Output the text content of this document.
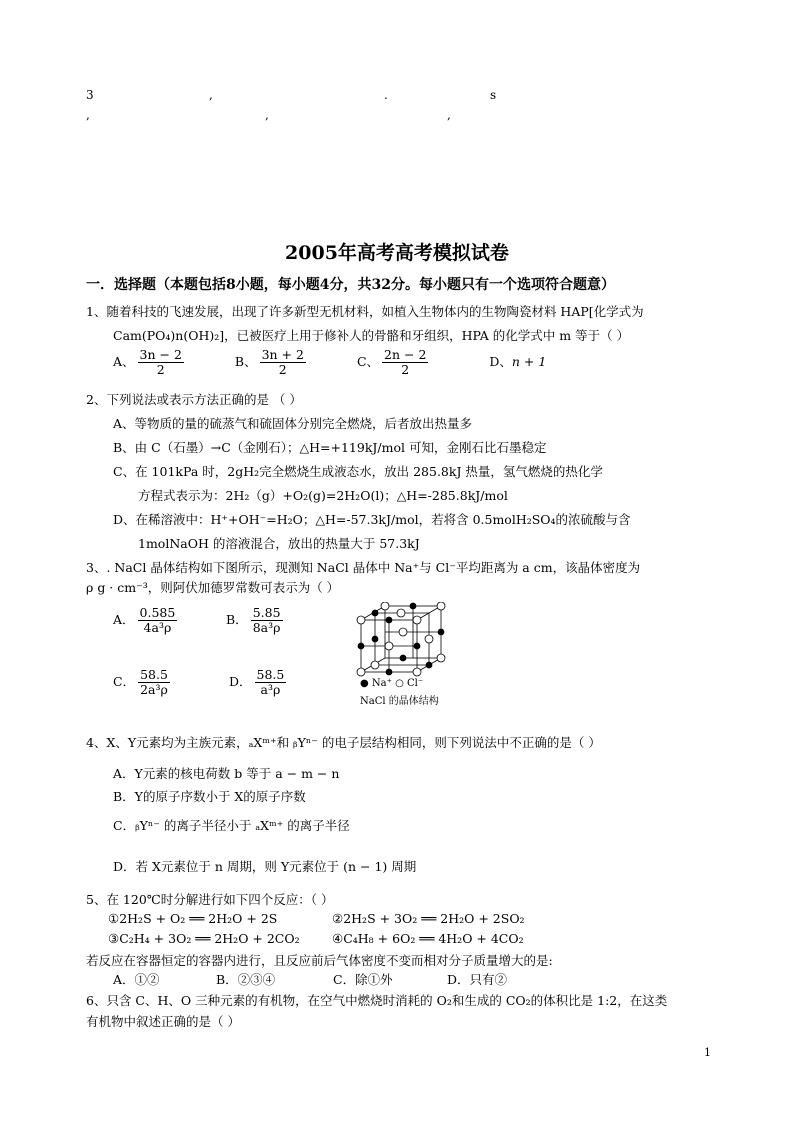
3	,	.	s
,	,	,
2005年高考高考模拟试卷
一．选择题（本题包括8小题，每小题4分，共32分。每小题只有一个选项符合题意）
1、随着科技的飞速发展，出现了许多新型无机材料，如植入生物体内的生物陶瓷材料 HAP[化学式为
Cam(PO₄)n(OH)₂]，已被医疗上用于修补人的骨骼和牙组织，HPA 的化学式中 m 等于（ ）
A、 $\frac{3n - 2}{2}$	B、 $\frac{3n + 2}{2}$	C、 $\frac{2n - 2}{2}$	D、n + 1
2、下列说法或表示方法正确的是 （ ）
A、等物质的量的硫蒸气和硫固体分别完全燃烧，后者放出热量多
B、由 C（石墨）→C（金刚石）；△H=+119kJ/mol 可知，金刚石比石墨稳定
C、在 101kPa 时，2gH₂完全燃烧生成液态水，放出 285.8kJ 热量，氢气燃烧的热化学
方程式表示为：2H₂（g）+O₂(g)=2H₂O(l)；△H=-285.8kJ/mol
D、在稀溶液中：H⁺+OH⁻=H₂O；△H=-57.3kJ/mol，若将含 0.5molH₂SO₄的浓硫酸与含
1molNaOH 的溶液混合，放出的热量大于 57.3kJ
3、. NaCl 晶体结构如下图所示，现测知 NaCl 晶体中 Na⁺与 Cl⁻平均距离为 a cm，该晶体密度为
ρ g · cm⁻³，则阿伏加德罗常数可表示为（ ）
A． $\frac{0.585}{\text{4a³ρ}}$	B． $\frac{5.85}{\text{8a³ρ}}$
C． $\frac{58.5}{\text{2a³ρ}}$	D． $\frac{58.5}{\text{a³ρ}}$	● Na⁺ ○ Cl⁻
NaCl 的晶体结构
4、X、Y元素均为主族元素，ₐXᵐ⁺和 ᵦYⁿ⁻ 的电子层结构相同，则下列说法中不正确的是（ ）
A．Y元素的核电荷数 b 等于 a − m − n
B．Y的原子序数小于 X的原子序数
C．ᵦYⁿ⁻ 的离子半径小于 ₐXᵐ⁺ 的离子半径
D．若 X元素位于 n 周期，则 Y元素位于 (n − 1) 周期
5、在 120℃时分解进行如下四个反应：（ ）
①2H₂S + O₂ ══ 2H₂O + 2S	②2H₂S + 3O₂ ══ 2H₂O + 2SO₂
③C₂H₄ + 3O₂ ══ 2H₂O + 2CO₂	④C₄H₈ + 6O₂ ══ 4H₂O + 4CO₂
若反应在容器恒定的容器内进行，且反应前后气体密度不变而相对分子质量增大的是:
A．①②	B．②③④	C．除①外	D．只有②
6、只含 C、H、O 三种元素的有机物，在空气中燃烧时消耗的 O₂和生成的 CO₂的体积比是 1:2，在这类
有机物中叙述正确的是（ ）
1
